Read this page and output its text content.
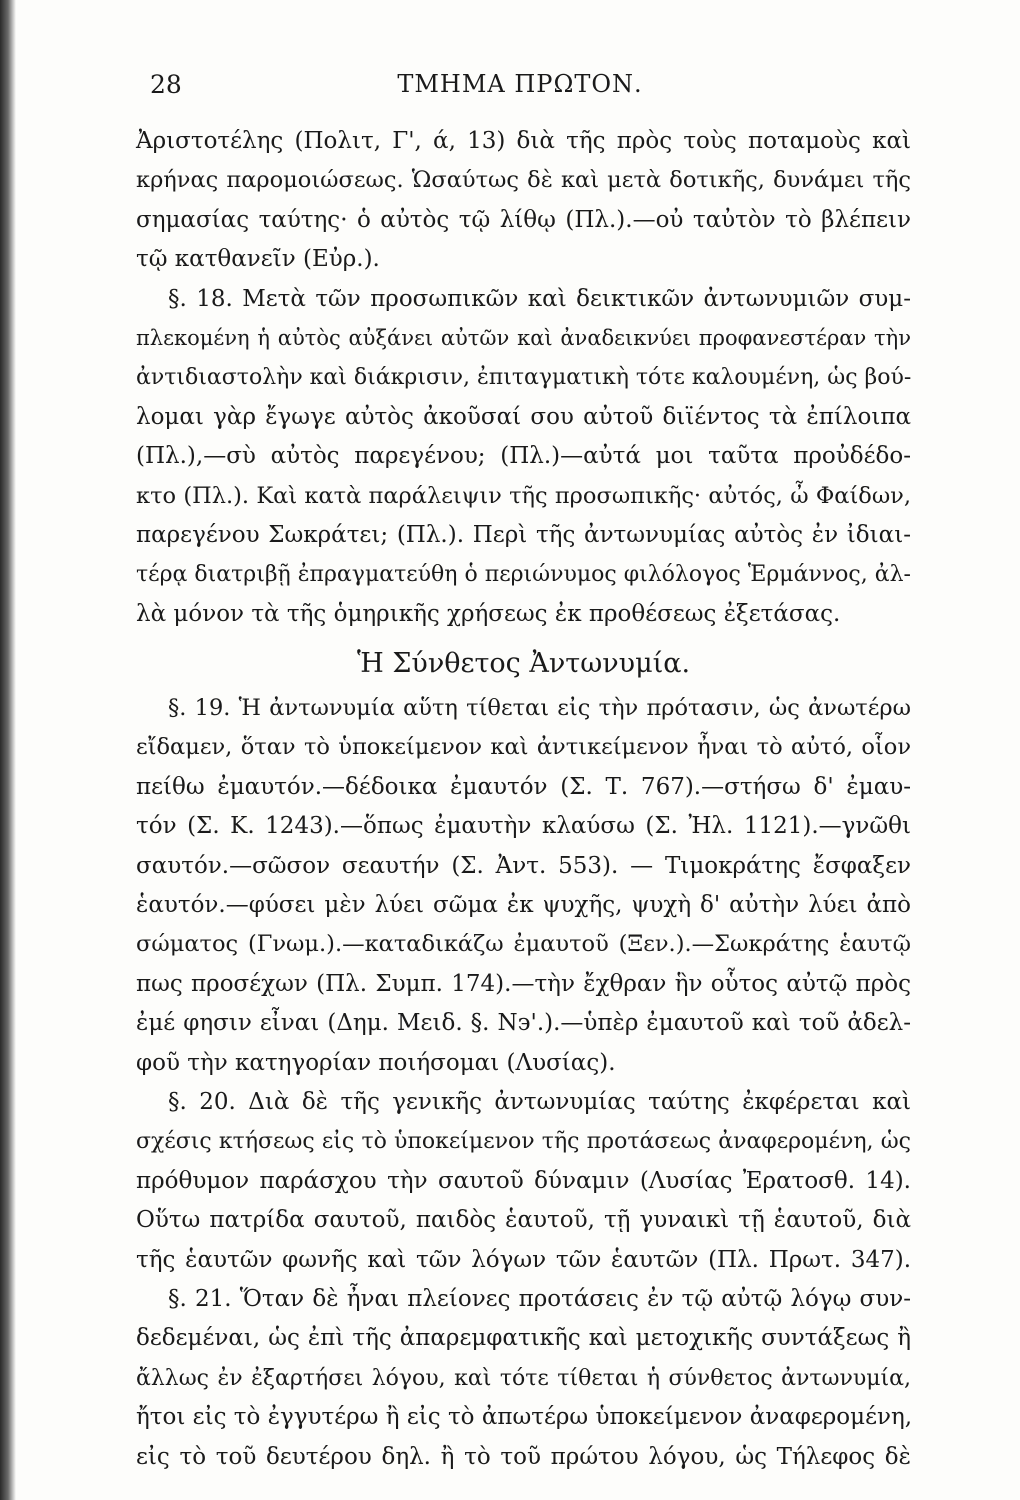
28	ΤΜΗΜΑ ΠΡΩΤΟΝ.
Ἀριστοτέλης (Πολιτ, Γ', ά, 13) διὰ τῆς πρὸς τοὺς ποταμοὺς καὶ
κρήνας παρομοιώσεως. Ὡσαύτως δὲ καὶ μετὰ δοτικῆς, δυνάμει τῆς
σημασίας ταύτης· ὁ αὐτὸς τῷ λίθῳ (Πλ.).—οὐ ταὐτὸν τὸ βλέπειν
τῷ κατθανεῖν (Εὐρ.).
§. 18. Μετὰ τῶν προσωπικῶν καὶ δεικτικῶν ἀντωνυμιῶν συμ-
πλεκομένη ἡ αὐτὸς αὐξάνει αὐτῶν καὶ ἀναδεικνύει προφανεστέραν τὴν
ἀντιδιαστολὴν καὶ διάκρισιν, ἐπιταγματικὴ τότε καλουμένη, ὡς βού-
λομαι γὰρ ἔγωγε αὐτὸς ἀκοῦσαί σου αὐτοῦ διϊέντος τὰ ἐπίλοιπα
(Πλ.),—σὺ αὐτὸς παρεγένου; (Πλ.)—αὐτά μοι ταῦτα προὐδέδο-
κτο (Πλ.). Καὶ κατὰ παράλειψιν τῆς προσωπικῆς· αὐτός, ὦ Φαίδων,
παρεγένου Σωκράτει; (Πλ.). Περὶ τῆς ἀντωνυμίας αὐτὸς ἐν ἰδιαι-
τέρᾳ διατριβῇ ἐπραγματεύθη ὁ περιώνυμος φιλόλογος Ἑρμάννος, ἀλ-
λὰ μόνον τὰ τῆς ὁμηρικῆς χρήσεως ἐκ προθέσεως ἐξετάσας.
Ἡ Σύνθετος Ἀντωνυμία.
§. 19. Ἡ ἀντωνυμία αὕτη τίθεται εἰς τὴν πρότασιν, ὡς ἀνωτέρω
εἴδαμεν, ὅταν τὸ ὑποκείμενον καὶ ἀντικείμενον ἦναι τὸ αὐτό, οἷον
πείθω ἐμαυτόν.—δέδοικα ἐμαυτόν (Σ. Τ. 767).—στήσω δ' ἐμαυ-
τόν (Σ. Κ. 1243).—ὅπως ἐμαυτὴν κλαύσω (Σ. Ἠλ. 1121).—γνῶθι
σαυτόν.—σῶσον σεαυτήν (Σ. Ἀντ. 553). — Τιμοκράτης ἔσφαξεν
ἑαυτόν.—φύσει μὲν λύει σῶμα ἐκ ψυχῆς, ψυχὴ δ' αὐτὴν λύει ἀπὸ
σώματος (Γνωμ.).—καταδικάζω ἐμαυτοῦ (Ξεν.).—Σωκράτης ἑαυτῷ
πως προσέχων (Πλ. Συμπ. 174).—τὴν ἔχθραν ἣν οὗτος αὐτῷ πρὸς
ἐμέ φησιν εἶναι (Δημ. Μειδ. §. Ν϶'.).—ὑπὲρ ἐμαυτοῦ καὶ τοῦ ἀδελ-
φοῦ τὴν κατηγορίαν ποιήσομαι (Λυσίας).
§. 20. Διὰ δὲ τῆς γενικῆς ἀντωνυμίας ταύτης ἐκφέρεται καὶ
σχέσις κτήσεως εἰς τὸ ὑποκείμενον τῆς προτάσεως ἀναφερομένη, ὡς
πρόθυμον παράσχου τὴν σαυτοῦ δύναμιν (Λυσίας Ἐρατοσθ. 14).
Οὕτω πατρίδα σαυτοῦ, παιδὸς ἑαυτοῦ, τῇ γυναικὶ τῇ ἑαυτοῦ, διὰ
τῆς ἑαυτῶν φωνῆς καὶ τῶν λόγων τῶν ἑαυτῶν (Πλ. Πρωτ. 347).
§. 21. Ὅταν δὲ ἦναι πλείονες προτάσεις ἐν τῷ αὐτῷ λόγῳ συν-
δεδεμέναι, ὡς ἐπὶ τῆς ἀπαρεμφατικῆς καὶ μετοχικῆς συντάξεως ἢ
ἄλλως ἐν ἐξαρτήσει λόγου, καὶ τότε τίθεται ἡ σύνθετος ἀντωνυμία,
ἤτοι εἰς τὸ ἐγγυτέρω ἢ εἰς τὸ ἀπωτέρω ὑποκείμενον ἀναφερομένη,
εἰς τὸ τοῦ δευτέρου δηλ. ἢ τὸ τοῦ πρώτου λόγου, ὡς Τήλεφος δὲ
